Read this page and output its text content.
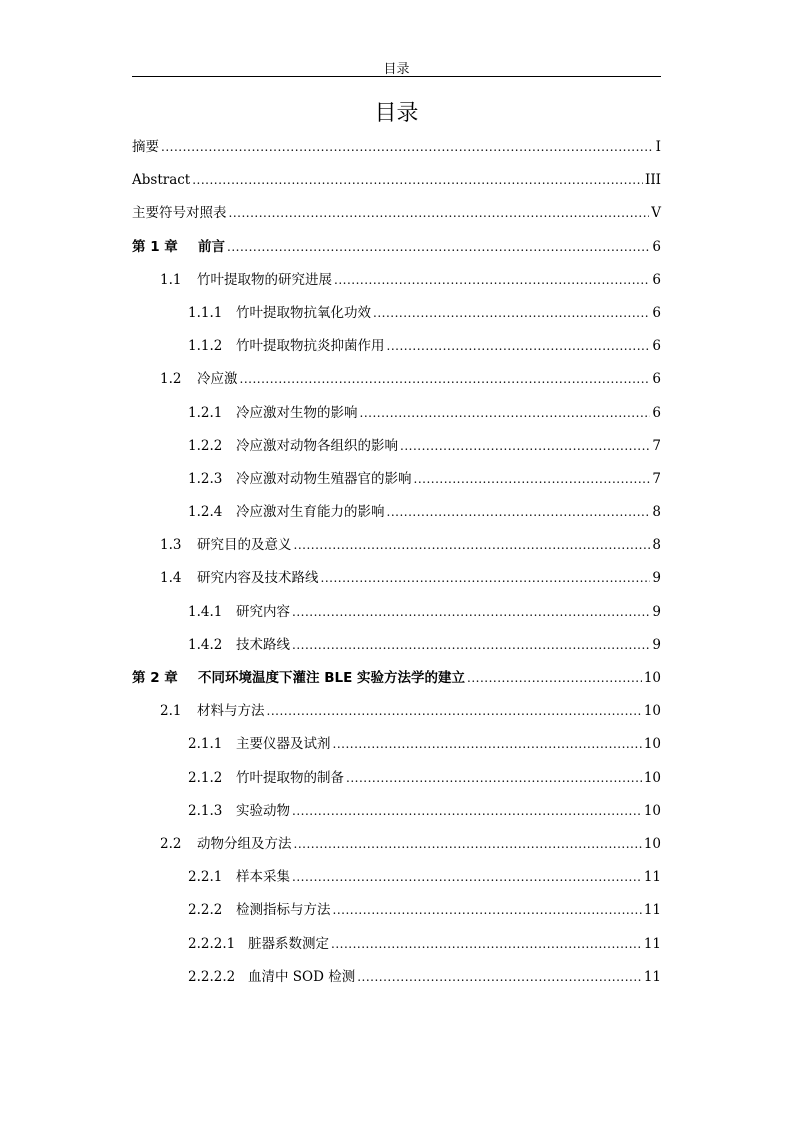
目录
目录
摘要 .....	I
Abstract .....	III
主要符号对照表 .....	V
第 1 章	前言 .....	6
1.1	竹叶提取物的研究进展 .....	6
1.1.1	竹叶提取物抗氧化功效 .....	6
1.1.2	竹叶提取物抗炎抑菌作用 .....	6
1.2	冷应激 .....	6
1.2.1	冷应激对生物的影响 .....	6
1.2.2	冷应激对动物各组织的影响 .....	7
1.2.3	冷应激对动物生殖器官的影响 .....	7
1.2.4	冷应激对生育能力的影响 .....	8
1.3	研究目的及意义 .....	8
1.4	研究内容及技术路线 .....	9
1.4.1	研究内容 .....	9
1.4.2	技术路线 .....	9
第 2 章	不同环境温度下灌注 BLE 实验方法学的建立 .....	10
2.1	材料与方法 .....	10
2.1.1	主要仪器及试剂 .....	10
2.1.2	竹叶提取物的制备 .....	10
2.1.3	实验动物 .....	10
2.2	动物分组及方法 .....	10
2.2.1	样本采集 .....	11
2.2.2	检测指标与方法 .....	11
2.2.2.1 脏器系数测定 .....	11
2.2.2.2 血清中 SOD 检测 .....	11
